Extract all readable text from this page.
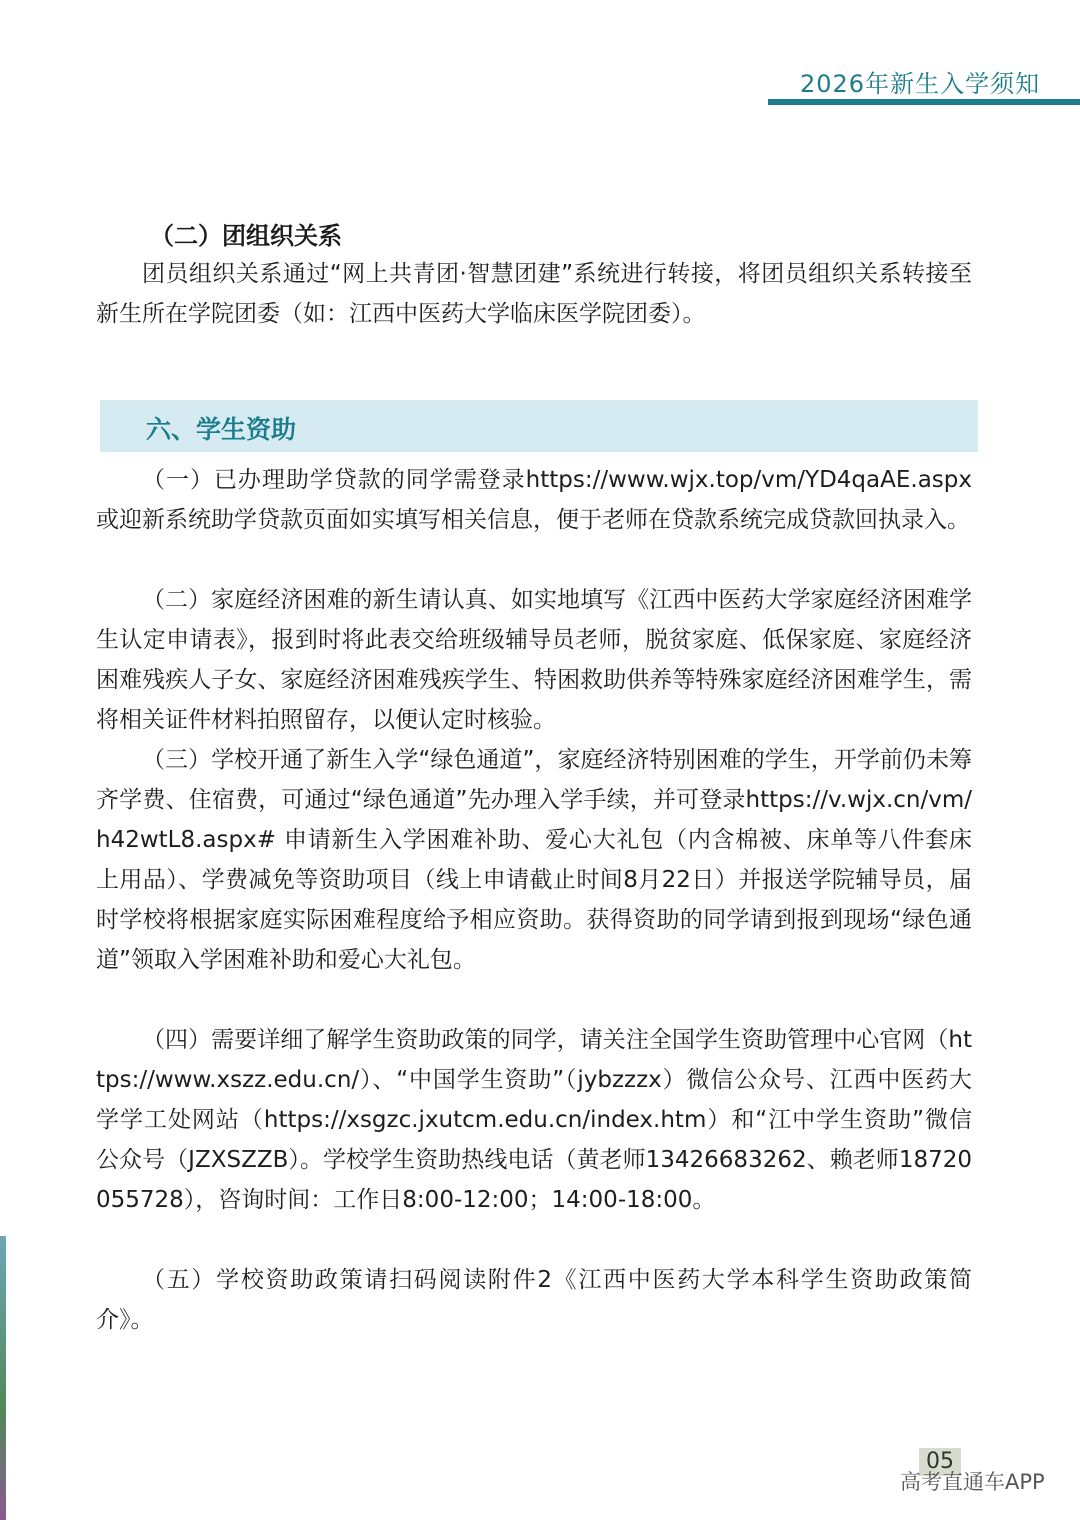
2026年新生入学须知
（二）团组织关系

团员组织关系通过“网上共青团·智慧团建”系统进行转接，将团员组织关系转接至新生所在学院团委（如：江西中医药大学临床医学院团委）。

六、学生资助

（一）已办理助学贷款的同学需登录https://www.wjx.top/vm/YD4qaAE.aspx或迎新系统助学贷款页面如实填写相关信息，便于老师在贷款系统完成贷款回执录入。

（二）家庭经济困难的新生请认真、如实地填写《江西中医药大学家庭经济困难学生认定申请表》，报到时将此表交给班级辅导员老师，脱贫家庭、低保家庭、家庭经济困难残疾人子女、家庭经济困难残疾学生、特困救助供养等特殊家庭经济困难学生，需将相关证件材料拍照留存，以便认定时核验。

（三）学校开通了新生入学“绿色通道”，家庭经济特别困难的学生，开学前仍未筹齐学费、住宿费，可通过“绿色通道”先办理入学手续，并可登录https://v.wjx.cn/vm/h42wtL8.aspx# 申请新生入学困难补助、爱心大礼包（内含棉被、床单等八件套床上用品）、学费减免等资助项目（线上申请截止时间8月22日）并报送学院辅导员，届时学校将根据家庭实际困难程度给予相应资助。获得资助的同学请到报到现场“绿色通道”领取入学困难补助和爱心大礼包。

（四）需要详细了解学生资助政策的同学，请关注全国学生资助管理中心官网（https://www.xszz.edu.cn/）、“中国学生资助”（jybzzzx）微信公众号、江西中医药大学学工处网站（https://xsgzc.jxutcm.edu.cn/index.htm）和“江中学生资助”微信公众号（JZXSZZB）。学校学生资助热线电话（黄老师13426683262、赖老师18720055728），咨询时间：工作日8:00-12:00；14:00-18:00。

（五）学校资助政策请扫码阅读附件2《江西中医药大学本科学生资助政策简介》。

05
高考直通车APP
